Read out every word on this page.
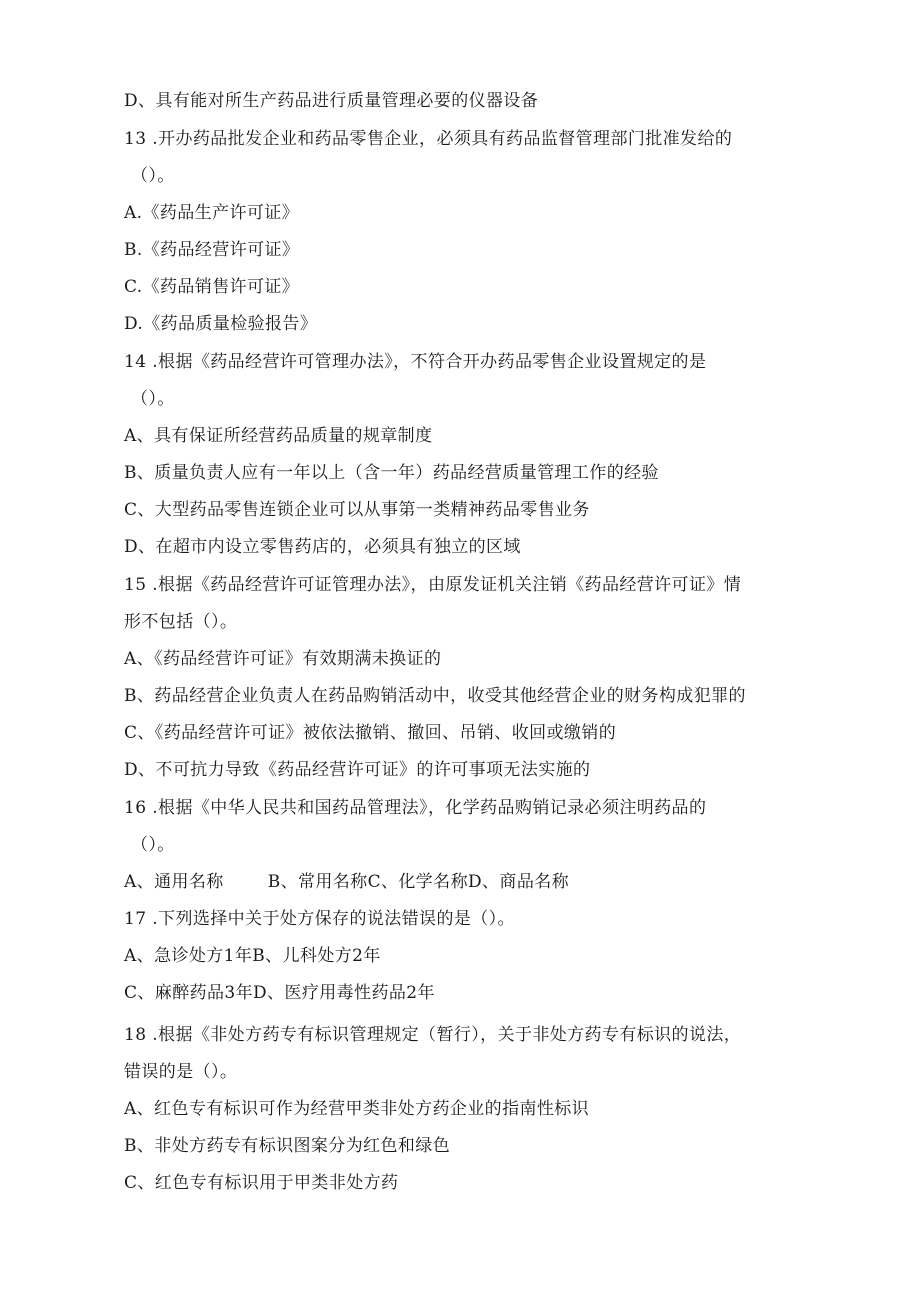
D、具有能对所生产药品进行质量管理必要的仪器设备
13 .开办药品批发企业和药品零售企业，必须具有药品监督管理部门批准发给的
（）。
A.《药品生产许可证》
B.《药品经营许可证》
C.《药品销售许可证》
D.《药品质量检验报告》
14 .根据《药品经营许可管理办法》，不符合开办药品零售企业设置规定的是
（）。
A、具有保证所经营药品质量的规章制度
B、质量负责人应有一年以上（含一年）药品经营质量管理工作的经验
C、大型药品零售连锁企业可以从事第一类精神药品零售业务
D、在超市内设立零售药店的，必须具有独立的区域
15 .根据《药品经营许可证管理办法》，由原发证机关注销《药品经营许可证》情
形不包括（）。
A、《药品经营许可证》有效期满未换证的
B、药品经营企业负责人在药品购销活动中，收受其他经营企业的财务构成犯罪的
C、《药品经营许可证》被依法撤销、撤回、吊销、收回或缴销的
D、不可抗力导致《药品经营许可证》的许可事项无法实施的
16 .根据《中华人民共和国药品管理法》，化学药品购销记录必须注明药品的
（）。
A、通用名称	B、常用名称C、化学名称D、商品名称
17 .下列选择中关于处方保存的说法错误的是（）。
A、急诊处方1年B、儿科处方2年
C、麻醉药品3年D、医疗用毒性药品2年
18 .根据《非处方药专有标识管理规定（暂行），关于非处方药专有标识的说法，
错误的是（）。
A、红色专有标识可作为经营甲类非处方药企业的指南性标识
B、非处方药专有标识图案分为红色和绿色
C、红色专有标识用于甲类非处方药
